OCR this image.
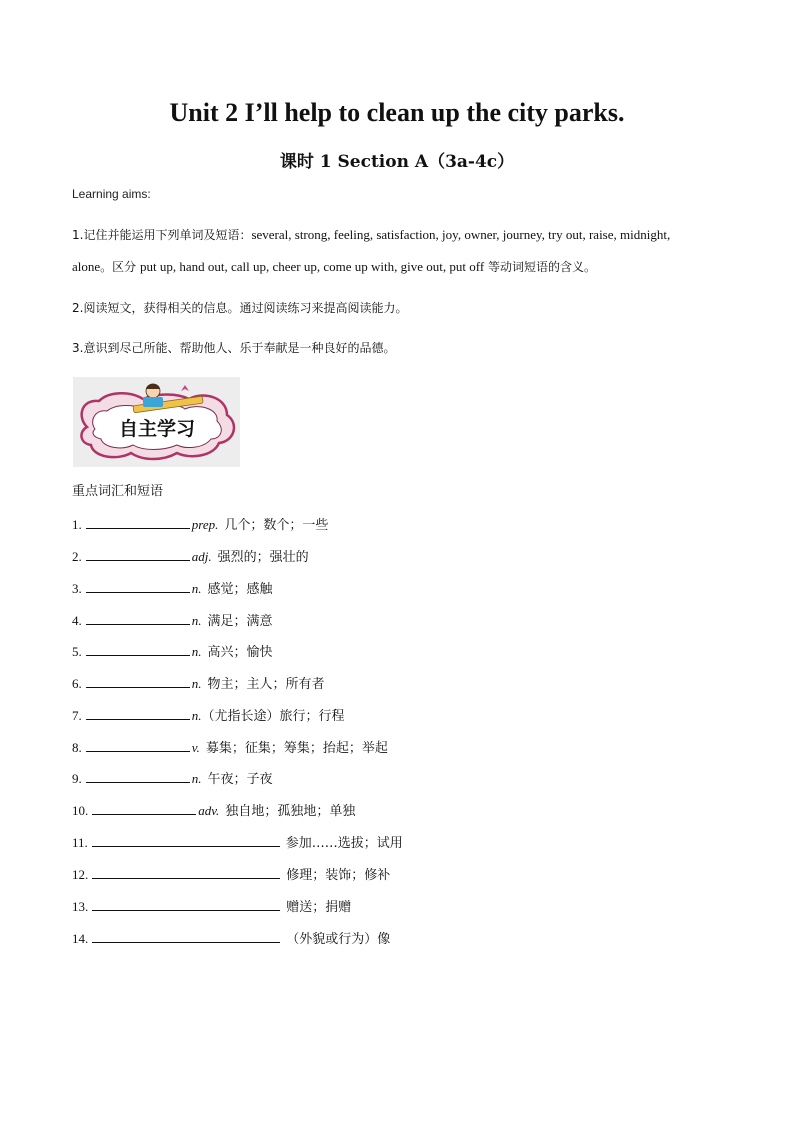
Unit 2 I’ll help to clean up the city parks.
课时 1 Section A（3a-4c）
Learning aims:
1.记住并能运用下列单词及短语：several, strong, feeling, satisfaction, joy, owner, journey, try out, raise, midnight,
alone。区分 put up, hand out, call up, cheer up, come up with, give out, put off 等动词短语的含义。
2.阅读短文，获得相关的信息。通过阅读练习来提高阅读能力。
3.意识到尽己所能、帮助他人、乐于奉献是一种良好的品德。
自主学习
重点词汇和短语
1.	prep. 几个；数个；一些
2.	adj. 强烈的；强壮的
3.	n. 感觉；感触
4.	n. 满足；满意
5.	n. 高兴；愉快
6.	n. 物主；主人；所有者
7.	n.（尤指长途）旅行；行程
8.	v. 募集；征集；筹集；抬起；举起
9.	n. 午夜；子夜
10.	adv. 独自地；孤独地；单独
11.	参加……选拔；试用
12.	修理；装饰；修补
13.	赠送；捐赠
14.	（外貌或行为）像
